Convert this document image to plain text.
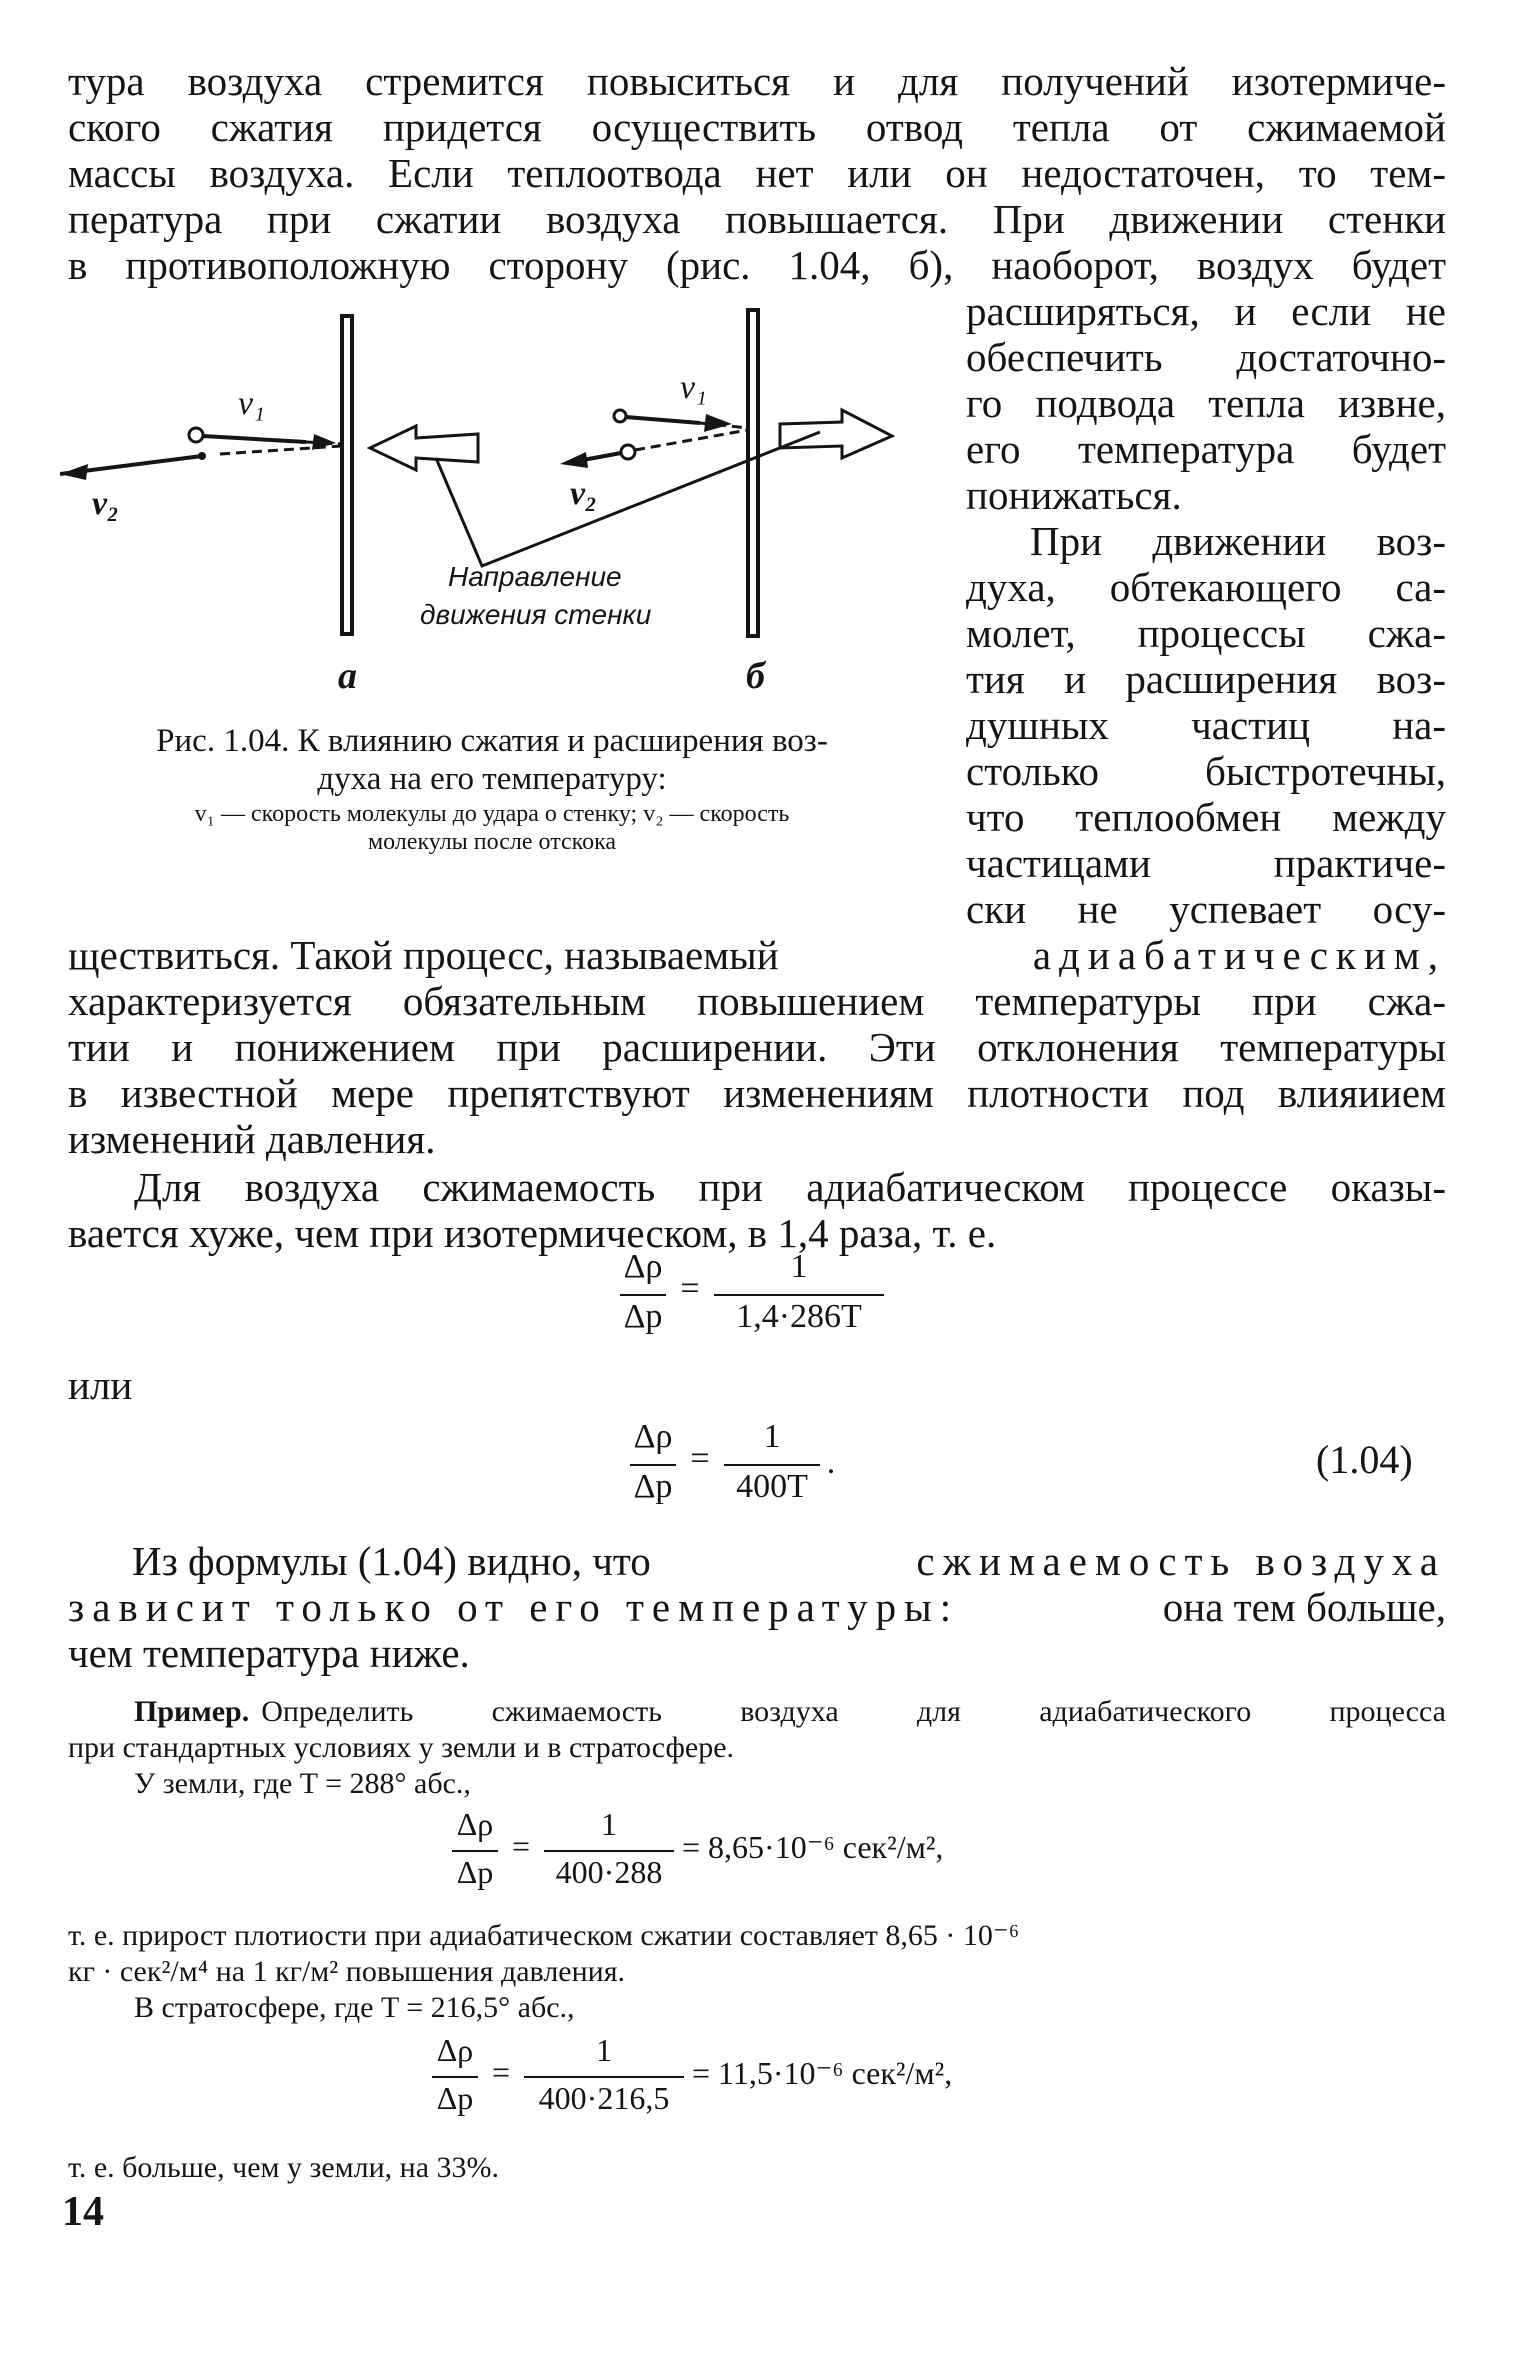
тура воздуха стремится повыситься и для получений изотермиче-
ского сжатия придется осуществить отвод тепла от сжимаемой
массы воздуха. Если теплоотвода нет или он недостаточен, то тем-
пература при сжатии воздуха повышается. При движении стенки
в противоположную сторону (рис. 1.04, б), наоборот, воздух будет
расширяться, и если не
обеспечить достаточно-
го подвода тепла извне,
его температура будет
понижаться.
При движении воз-
духа, обтекающего са-
молет, процессы сжа-
тия и расширения воз-
душных частиц на-
столько быстротечны,
что теплообмен между
частицами практиче-
ски не успевает осу-
v₁
v₂
v₁
v₂
Направление
движения стенки
а	б
Рис. 1.04. К влиянию сжатия и расширения воз-
духа на его температуру:
v₁ — скорость молекулы до удара о стенку; v₂ — скорость
молекулы после отскока
ществиться. Такой процесс, называемый	адиабатическим,
характеризуется обязательным повышением температуры при сжа-
тии и понижением при расширении. Эти отклонения температуры
в известной мере препятствуют изменениям плотности под влияиием
изменений давления.
Для воздуха сжимаемость при адиабатическом процессе оказы-
вается хуже, чем при изотермическом, в 1,4 раза, т. е.
Δρ
Δp
=
1
1,4·286T
или
Δρ
Δp
=
1
400T
.	(1.04)
Из формулы (1.04) видно, что	сжимаемость воздуха
зависит только от его температуры:	она тем больше,
чем температура ниже.
Пример. Определить сжимаемость воздуха для адиабатического процесса
при стандартных условиях у земли и в стратосфере.
У земли, где T = 288° абс.,
Δρ
Δp
=
1
400·288
= 8,65·10⁻⁶ сек²/м²,
т. е. прирост плотиости при адиабатическом сжатии составляет 8,65 · 10⁻⁶
кг · сек²/м⁴ на 1 кг/м² повышения давления.
В стратосфере, где T = 216,5° абс.,
Δρ
Δp
=
1
400·216,5
= 11,5·10⁻⁶ сек²/м²,
т. е. больше, чем у земли, на 33%.
14
